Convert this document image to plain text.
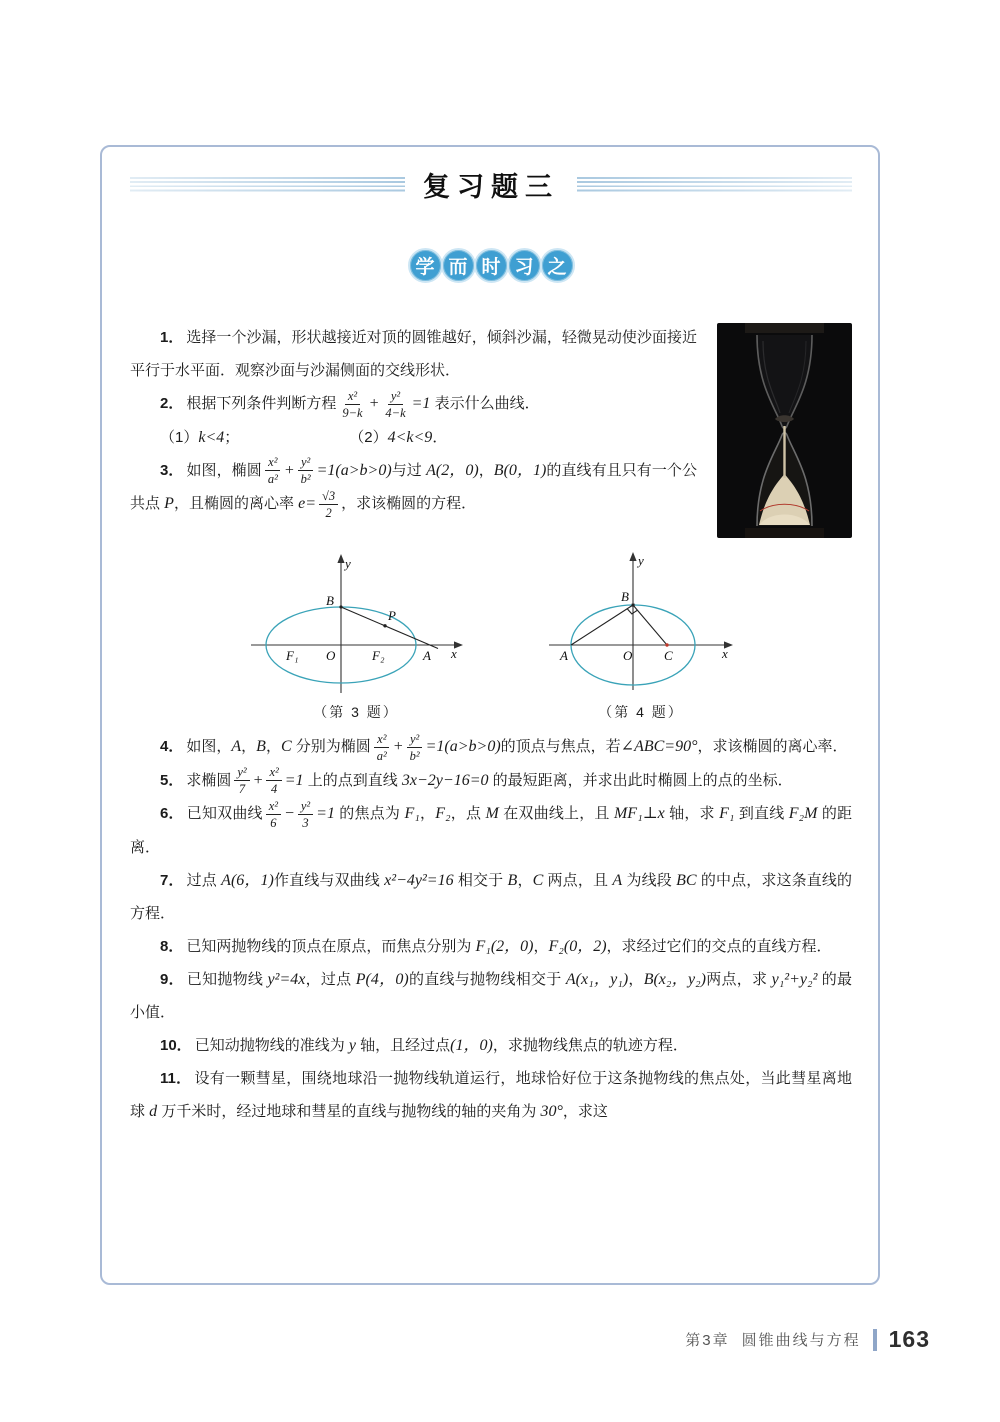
复习题三
学 而 时 习 之
1． 选择一个沙漏，形状越接近对顶的圆锥越好，倾斜沙漏，轻微晃动使沙面接近平行于水平面．观察沙面与沙漏侧面的交线形状．
2． 根据下列条件判断方程 $\frac{\text{x²}}{9-k} + \frac{\text{y²}}{4-k} =1$ 表示什么曲线．
（1）k<4；	（2）4<k<9．
3． 如图，椭圆 $\frac{\text{x²}}{\text{a²}} + \frac{\text{y²}}{\text{b²}} =1(a>b>0)$与过 A(2，0)，B(0，1)的直线有且只有一个公共点 P，且椭圆的离心率 $e= \frac{√3}{2}$ ，求该椭圆的方程．
y
x
B
P
F₁ O	F₂	A
（第 3 题）
y
x
B
A	O C
（第 4 题）
4． 如图，A，B，C 分别为椭圆 $\frac{\text{x²}}{\text{a²}} + \frac{\text{y²}}{\text{b²}} =1(a>b>0)$的顶点与焦点，若∠ABC=90°，求该椭圆的离心率．
5． 求椭圆 $\frac{\text{y²}}{7} + \frac{\text{x²}}{4} =1$ 上的点到直线 3x−2y−16=0 的最短距离，并求出此时椭圆上的点的坐标．
6． 已知双曲线 $\frac{\text{x²}}{6} - \frac{\text{y²}}{3} =1$ 的焦点为 F₁，F₂，点 M 在双曲线上，且 MF₁⊥x 轴，求 F₁ 到直线 F₂M 的距离．
7． 过点 A(6，1)作直线与双曲线 x²−4y²=16 相交于 B，C 两点，且 A 为线段 BC 的中点，求这条直线的方程．
8． 已知两抛物线的顶点在原点，而焦点分别为 F₁(2，0)，F₂(0，2)，求经过它们的交点的直线方程．
9． 已知抛物线 y²=4x，过点 P(4，0)的直线与抛物线相交于 A(x₁，y₁)，B(x₂，y₂)两点，求 y₁²+y₂² 的最小值．
10． 已知动抛物线的准线为 y 轴，且经过点(1，0)，求抛物线焦点的轨迹方程．
11． 设有一颗彗星，围绕地球沿一抛物线轨道运行，地球恰好位于这条抛物线的焦点处，当此彗星离地球 d 万千米时，经过地球和彗星的直线与抛物线的轴的夹角为 30°，求这
第3章 圆锥曲线与方程 163
